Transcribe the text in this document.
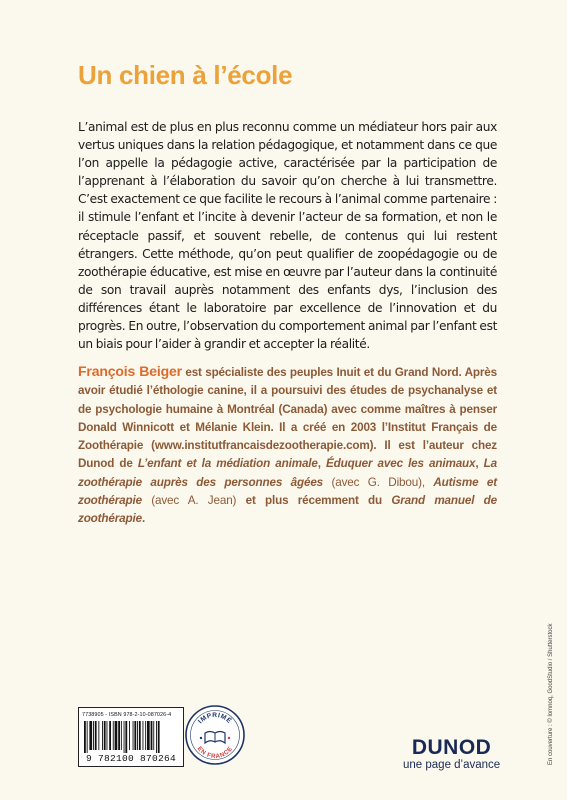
Un chien à l’école

L’animal est de plus en plus reconnu comme un médiateur hors pair aux vertus uniques dans la relation pédagogique, et notamment dans ce que l’on appelle la pédagogie active, caractérisée par la participation de l’apprenant à l’élaboration du savoir qu’on cherche à lui transmettre. C’est exactement ce que facilite le recours à l’animal comme partenaire : il stimule l’enfant et l’incite à devenir l’acteur de sa formation, et non le réceptacle passif, et souvent rebelle, de contenus qui lui restent étrangers. Cette méthode, qu’on peut qualifier de zoopédagogie ou de zoothérapie éducative, est mise en œuvre par l’auteur dans la continuité de son travail auprès notamment des enfants dys, l’inclusion des différences étant le laboratoire par excellence de l’innovation et du progrès. En outre, l’observation du comportement animal par l’enfant est un biais pour l’aider à grandir et accepter la réalité.

François Beiger est spécialiste des peuples Inuit et du Grand Nord. Après avoir étudié l’éthologie canine, il a poursuivi des études de psychanalyse et de psychologie humaine à Montréal (Canada) avec comme maîtres à penser Donald Winnicott et Mélanie Klein. Il a créé en 2003 l’Institut Français de Zoothérapie (www.institutfrancaisdezootherapie.com). Il est l’auteur chez Dunod de L’enfant et la médiation animale, Éduquer avec les animaux, La zoothérapie auprès des personnes âgées (avec G. Dibou), Autisme et zoothérapie (avec A. Jean) et plus récemment du Grand manuel de zoothérapie.
7738905 - ISBN 978-2-10-087026-4
9 782100 870264
IMPRIMÉ
EN FRANCE	DUNOD
une page d’avance	En couverture : © lomnoq, GoodStudio / Shutterstock
